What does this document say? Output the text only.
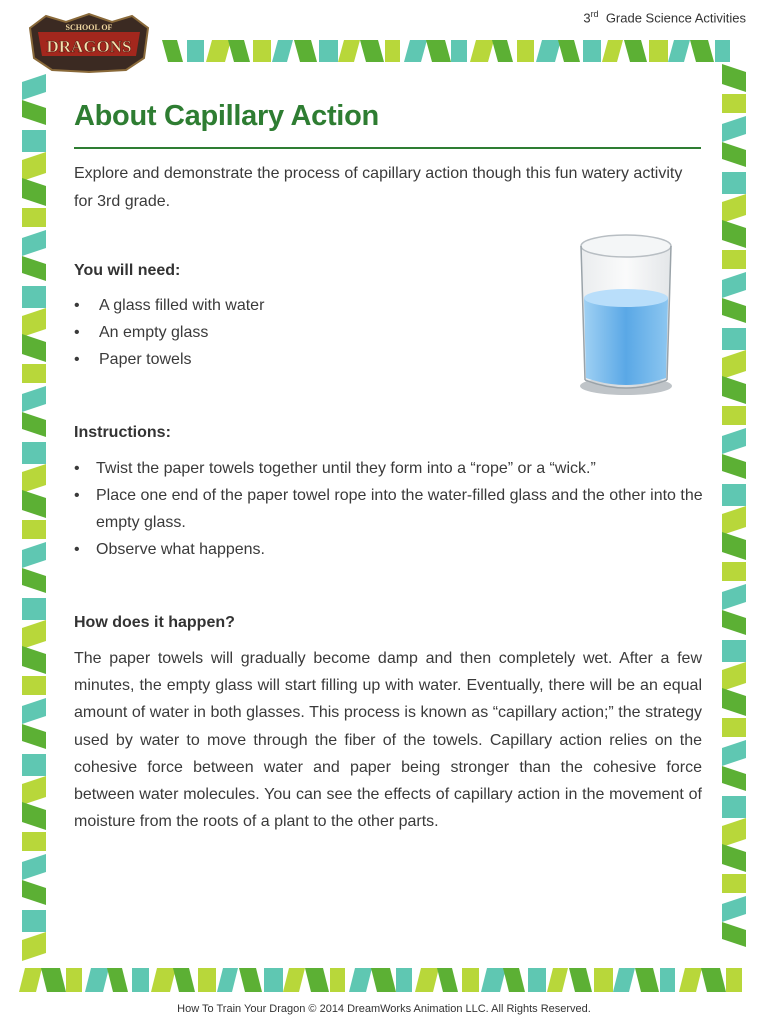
SCHOOL OF
DRAGONS
3rd Grade Science Activities
About Capillary Action

Explore and demonstrate the process of capillary action though this fun watery activity for 3rd grade.

You will need:
• A glass filled with water
• An empty glass
• Paper towels
Instructions:
• Twist the paper towels together until they form into a “rope” or a “wick.”
• Place one end of the paper towel rope into the water-filled glass and the other into the empty glass.
• Observe what happens.
How does it happen?

The paper towels will gradually become damp and then completely wet. After a few minutes, the empty glass will start filling up with water. Eventually, there will be an equal amount of water in both glasses. This process is known as “capillary action;” the strategy used by water to move through the fiber of the towels. Capillary action relies on the cohesive force between water and paper being stronger than the cohesive force between water molecules. You can see the effects of capillary action in the movement of moisture from the roots of a plant to the other parts.

How To Train Your Dragon © 2014 DreamWorks Animation LLC. All Rights Reserved.
